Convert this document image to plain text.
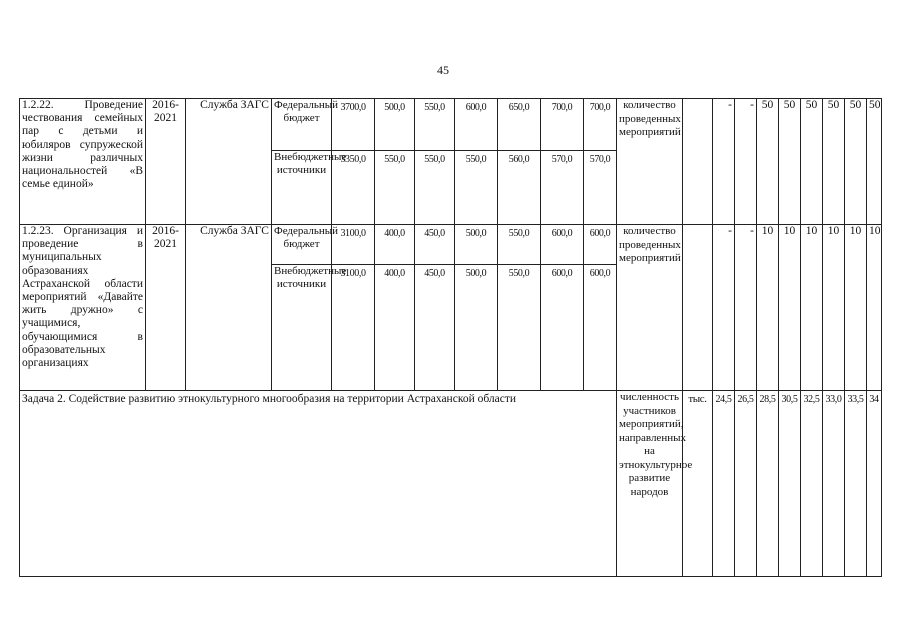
45
1.2.22. Проведение чествования семейных пар с детьми и юбиляров супружеской жизни различных национальностей «В семье единой»	2016-2021	Служба ЗАГС	Федеральный бюджет	3700,0	500,0	550,0	600,0	650,0	700,0	700,0	количество проведенных мероприятий		-	-	50	50	50	50	50	50
			Внебюджетные источники	3350,0	550,0	550,0	550,0	560,0	570,0	570,0										
1.2.23. Организация и проведение в муниципальных образованиях Астраханской области мероприятий «Давайте жить дружно» с учащимися, обучающимися в образовательных организациях	2016-2021	Служба ЗАГС	Федеральный бюджет	3100,0	400,0	450,0	500,0	550,0	600,0	600,0	количество проведенных мероприятий		-	-	10	10	10	10	10	10
			Внебюджетные источники	3100,0	400,0	450,0	500,0	550,0	600,0	600,0										
Задача 2. Содействие развитию этнокультурного многообразия на территории Астраханской области											численность участников мероприятий, направленных на этнокультурное развитие народов	тыс.	24,5	26,5	28,5	30,5	32,5	33,0	33,5	34
